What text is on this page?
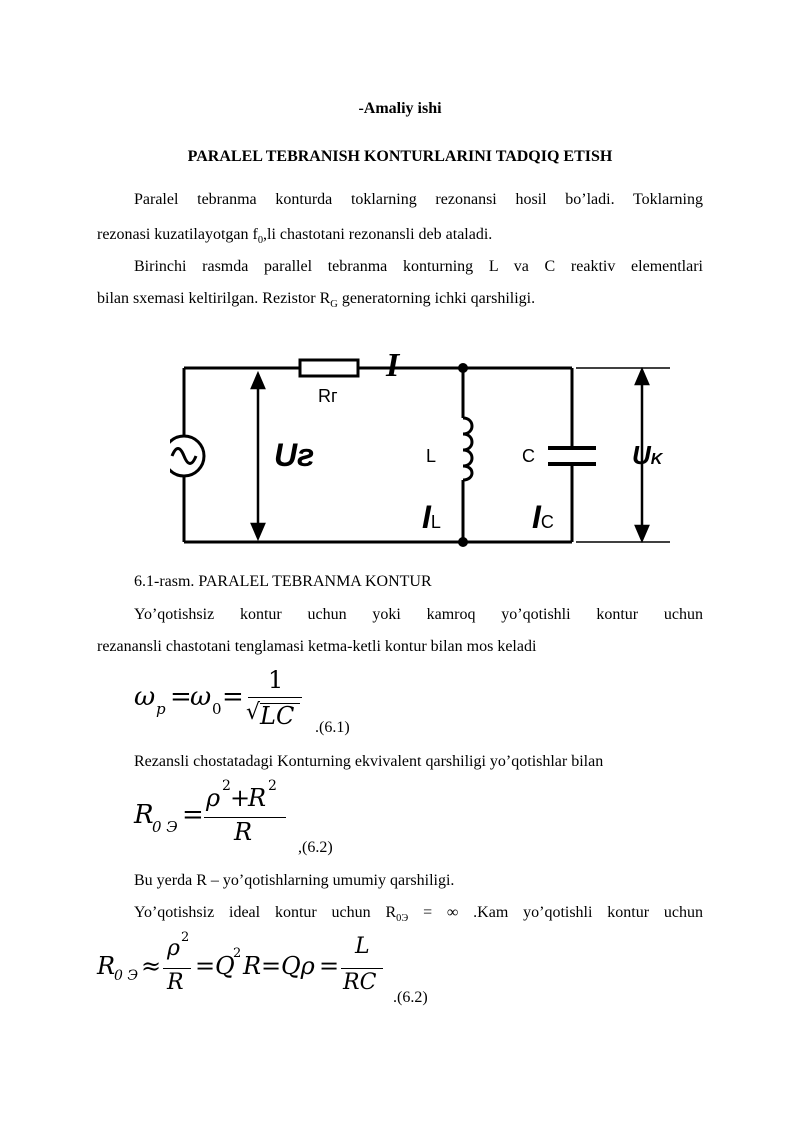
-Amaliy ishi
PARALEL TEBRANISH KONTURLARINI TADQIQ ETISH
Paralel tebranma konturda toklarning rezonansi hosil bo’ladi. Toklarning
rezonasi kuzatilayotgan $f_0,li$ chastotani rezonansli deb ataladi.
Birinchi rasmda parallel tebranma konturning L va C reaktiv elementlari
bilan sxemasi keltirilgan. Rezistor $R_G$ generatorning ichki qarshiligi.
I
Rг
Uг	L
IL
C
IC
UK
6.1-rasm. PARALEL TEBRANMA KONTUR
Yo’qotishsiz kontur uchun yoki kamroq yo’qotishli kontur uchun
rezanansli chastotani tenglamasi ketma-ketli kontur bilan mos keladi
ω p =
ω 0 =
1
√ LC .(6.1)
Rezansli chostatadagi Konturning ekvivalent qarshiligi yo’qotishlar bilan
R
0 Э =
ρ 2 +
R 2
R
,(6.2)
Bu yerda R – yo’qotishlarning umumiy qarshiligi.
Yo’qotishsiz ideal kontur uchun $R_{0Э}$ = ∞ .Kam yo’qotishli kontur uchun
R
0 Э ≈
ρ 2
R
= Q
2 R = Qρ =
L
RC
.(6.2)
